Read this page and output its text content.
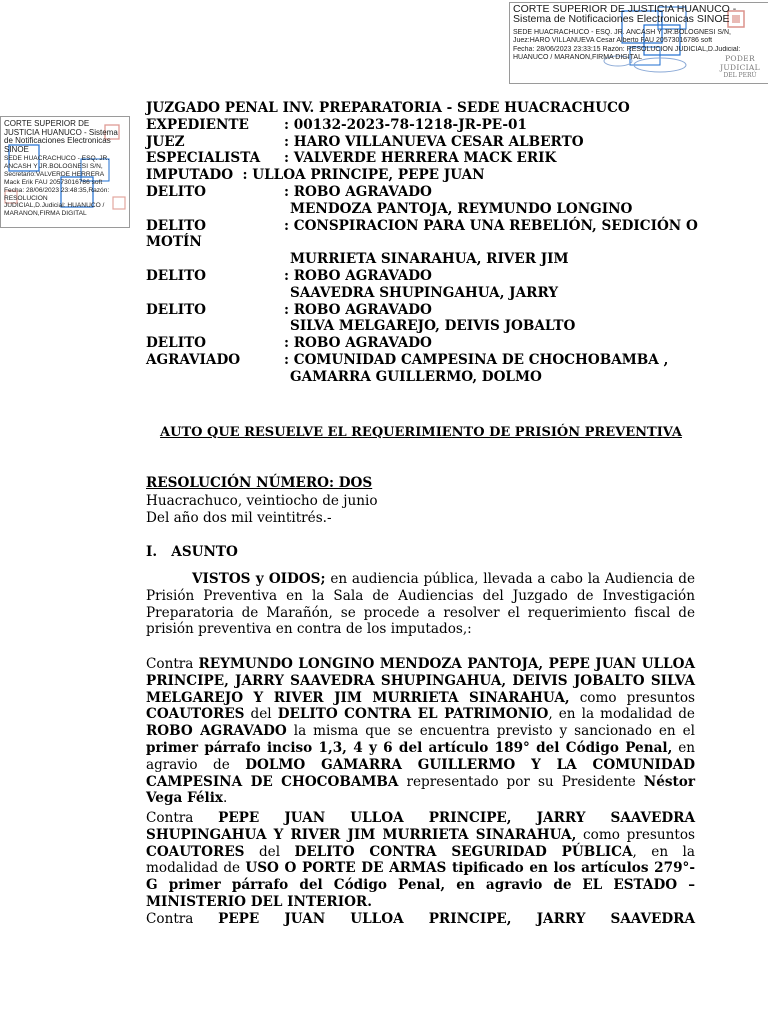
CORTE SUPERIOR DE JUSTICIA HUANUCO - Sistema de Notificaciones Electronicas SINOE
SEDE HUACRACHUCO - ESQ. JR. ANCASH Y JR.BOLOGNESI S/N,
Juez:HARO VILLANUEVA Cesar Alberto FAU 20573016786 soft
Fecha: 28/06/2023 23:33:15 Razón: RESOLUCIÓN JUDICIAL,D.Judicial:
HUANUCO / MARANON,FIRMA DIGITAL	PODER JUDICIAL
DEL PERÚ
CORTE SUPERIOR DE JUSTICIA HUANUCO - Sistema de Notificaciones Electronicas SINOE
SEDE HUACRACHUCO - ESQ. JR.
ANCASH Y JR.BOLOGNESI S/N,
Secretario:VALVERDE HERRERA
Mack Erik FAU 20573016786 soft
Fecha: 28/06/2023 23:48:35,Razón:
RESOLUCIÓN
JUDICIAL,D.Judicial: HUANUCO /
MARANON,FIRMA DIGITAL
JUZGADO PENAL INV. PREPARATORIA - SEDE HUACRACHUCO
EXPEDIENTE	: 00132-2023-78-1218-JR-PE-01
JUEZ	: HARO VILLANUEVA CESAR ALBERTO
ESPECIALISTA : VALVERDE HERRERA MACK ERIK
IMPUTADO  : ULLOA PRINCIPE, PEPE JUAN
DELITO	: ROBO AGRAVADO
MENDOZA PANTOJA, REYMUNDO LONGINO
DELITO	: CONSPIRACION PARA UNA REBELIÓN, SEDICIÓN O
MOTÍN
MURRIETA SINARAHUA, RIVER JIM
DELITO	: ROBO AGRAVADO
SAAVEDRA SHUPINGAHUA, JARRY
DELITO	: ROBO AGRAVADO
SILVA MELGAREJO, DEIVIS JOBALTO
DELITO	: ROBO AGRAVADO
AGRAVIADO	: COMUNIDAD CAMPESINA DE CHOCHOBAMBA ,
GAMARRA GUILLERMO, DOLMO
AUTO QUE RESUELVE EL REQUERIMIENTO DE PRISIÓN PREVENTIVA
RESOLUCIÓN NÚMERO: DOS
Huacrachuco, veintiocho de junio
Del año dos mil veintitrés.-
I.   ASUNTO
VISTOS y OIDOS; en audiencia pública, llevada a cabo la Audiencia de Prisión Preventiva en la Sala de Audiencias del Juzgado de Investigación Preparatoria de Marañón, se procede a resolver el requerimiento fiscal de prisión preventiva en contra de los imputados,:
Contra REYMUNDO LONGINO MENDOZA PANTOJA, PEPE JUAN ULLOA PRINCIPE, JARRY SAAVEDRA SHUPINGAHUA, DEIVIS JOBALTO SILVA MELGAREJO Y RIVER JIM MURRIETA SINARAHUA, como presuntos COAUTORES del DELITO CONTRA EL PATRIMONIO, en la modalidad de ROBO AGRAVADO la misma que se encuentra previsto y sancionado en el primer párrafo inciso 1,3, 4 y 6 del artículo 189° del Código Penal, en agravio de DOLMO GAMARRA GUILLERMO Y LA COMUNIDAD CAMPESINA DE CHOCOBAMBA representado por su Presidente Néstor Vega Félix.
Contra PEPE JUAN ULLOA PRINCIPE, JARRY SAAVEDRA SHUPINGAHUA Y RIVER JIM MURRIETA SINARAHUA, como presuntos COAUTORES del DELITO CONTRA SEGURIDAD PÚBLICA, en la modalidad de USO O PORTE DE ARMAS tipificado en los artículos 279°-G primer párrafo del Código Penal, en agravio de EL ESTADO – MINISTERIO DEL INTERIOR.
Contra PEPE JUAN ULLOA PRINCIPE, JARRY SAAVEDRA
